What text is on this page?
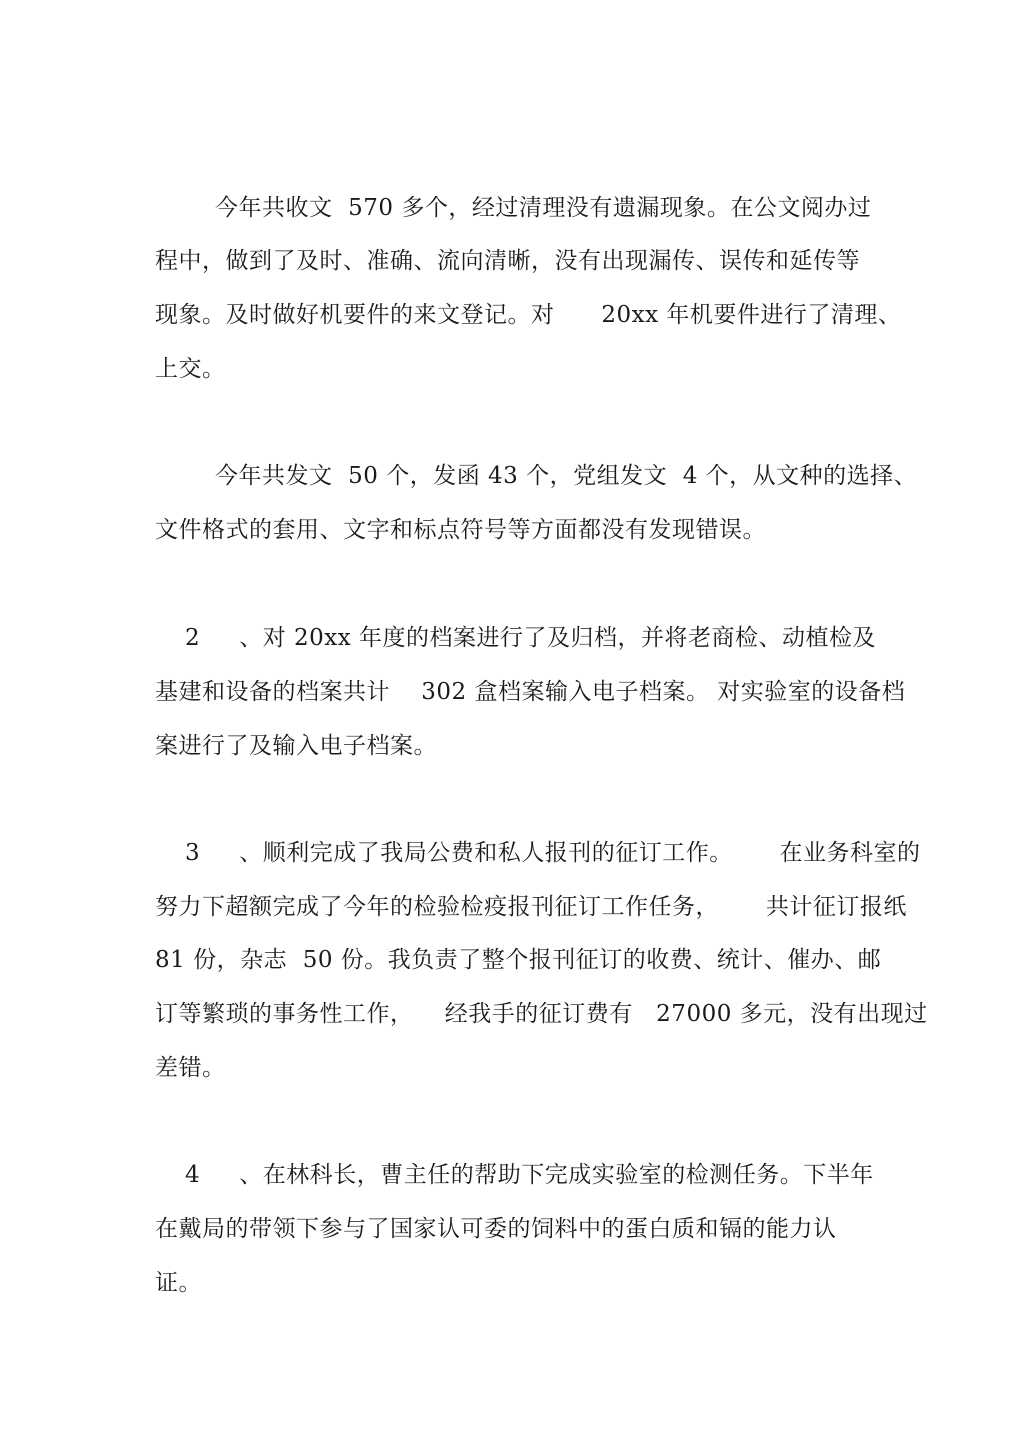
今年共收文  570 多个，经过清理没有遗漏现象。在公文阅办过
程中，做到了及时、准确、流向清晰，没有出现漏传、误传和延传等
现象。及时做好机要件的来文登记。对      20xx 年机要件进行了清理、
上交。
今年共发文  50 个，发函 43 个，党组发文  4 个，从文种的选择、
文件格式的套用、文字和标点符号等方面都没有发现错误。
2     、对 20xx 年度的档案进行了及归档，并将老商检、动植检及
基建和设备的档案共计    302 盒档案输入电子档案。 对实验室的设备档
案进行了及输入电子档案。
3     、顺利完成了我局公费和私人报刊的征订工作。      在业务科室的
努力下超额完成了今年的检验检疫报刊征订工作任务，      共计征订报纸
81 份，杂志  50 份。我负责了整个报刊征订的收费、统计、催办、邮
订等繁琐的事务性工作，    经我手的征订费有   27000 多元，没有出现过
差错。
4     、在林科长，曹主任的帮助下完成实验室的检测任务。下半年
在戴局的带领下参与了国家认可委的饲料中的蛋白质和镉的能力认
证。
